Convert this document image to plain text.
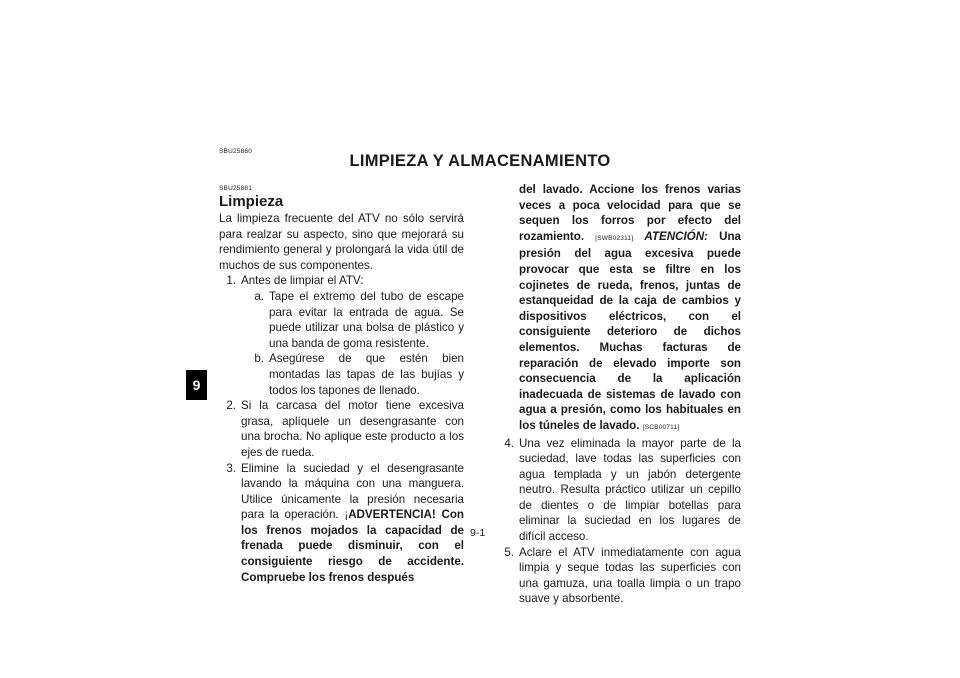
9
SBU25860
LIMPIEZA Y ALMACENAMIENTO
SBU25881
Limpieza

La limpieza frecuente del ATV no sólo servirá para realzar su aspecto, sino que mejorará su rendimiento general y prolongará la vida útil de muchos de sus componentes.

1. Antes de limpiar el ATV:
a. Tape el extremo del tubo de escape para evitar la entrada de agua. Se puede utilizar una bolsa de plástico y una banda de goma resistente.
b. Asegúrese de que estén bien montadas las tapas de las bujías y todos los tapones de llenado.
2. Si la carcasa del motor tiene excesiva grasa, aplíquele un desengrasante con una brocha. No aplique este producto a los ejes de rueda.
3. Elimine la suciedad y el desengrasante lavando la máquina con una manguera. Utilice únicamente la presión necesaria para la operación. ¡ADVERTENCIA! Con los frenos mojados la capacidad de frenada puede disminuir, con el consiguiente riesgo de accidente. Compruebe los frenos después
del lavado. Accione los frenos varias veces a poca velocidad para que se sequen los forros por efecto del rozamiento. [SWB02311] ATENCIÓN: Una presión del agua excesiva puede provocar que esta se filtre en los cojinetes de rueda, frenos, juntas de estanqueidad de la caja de cambios y dispositivos eléctricos, con el consiguiente deterioro de dichos elementos. Muchas facturas de reparación de elevado importe son consecuencia de la aplicación inadecuada de sistemas de lavado con agua a presión, como los habituales en los túneles de lavado. [SCB00711]
4. Una vez eliminada la mayor parte de la suciedad, lave todas las superficies con agua templada y un jabón detergente neutro. Resulta práctico utilizar un cepillo de dientes o de limpiar botellas para eliminar la suciedad en los lugares de difícil acceso.
5. Aclare el ATV inmediatamente con agua limpia y seque todas las superficies con una gamuza, una toalla limpia o un trapo suave y absorbente.
9-1
